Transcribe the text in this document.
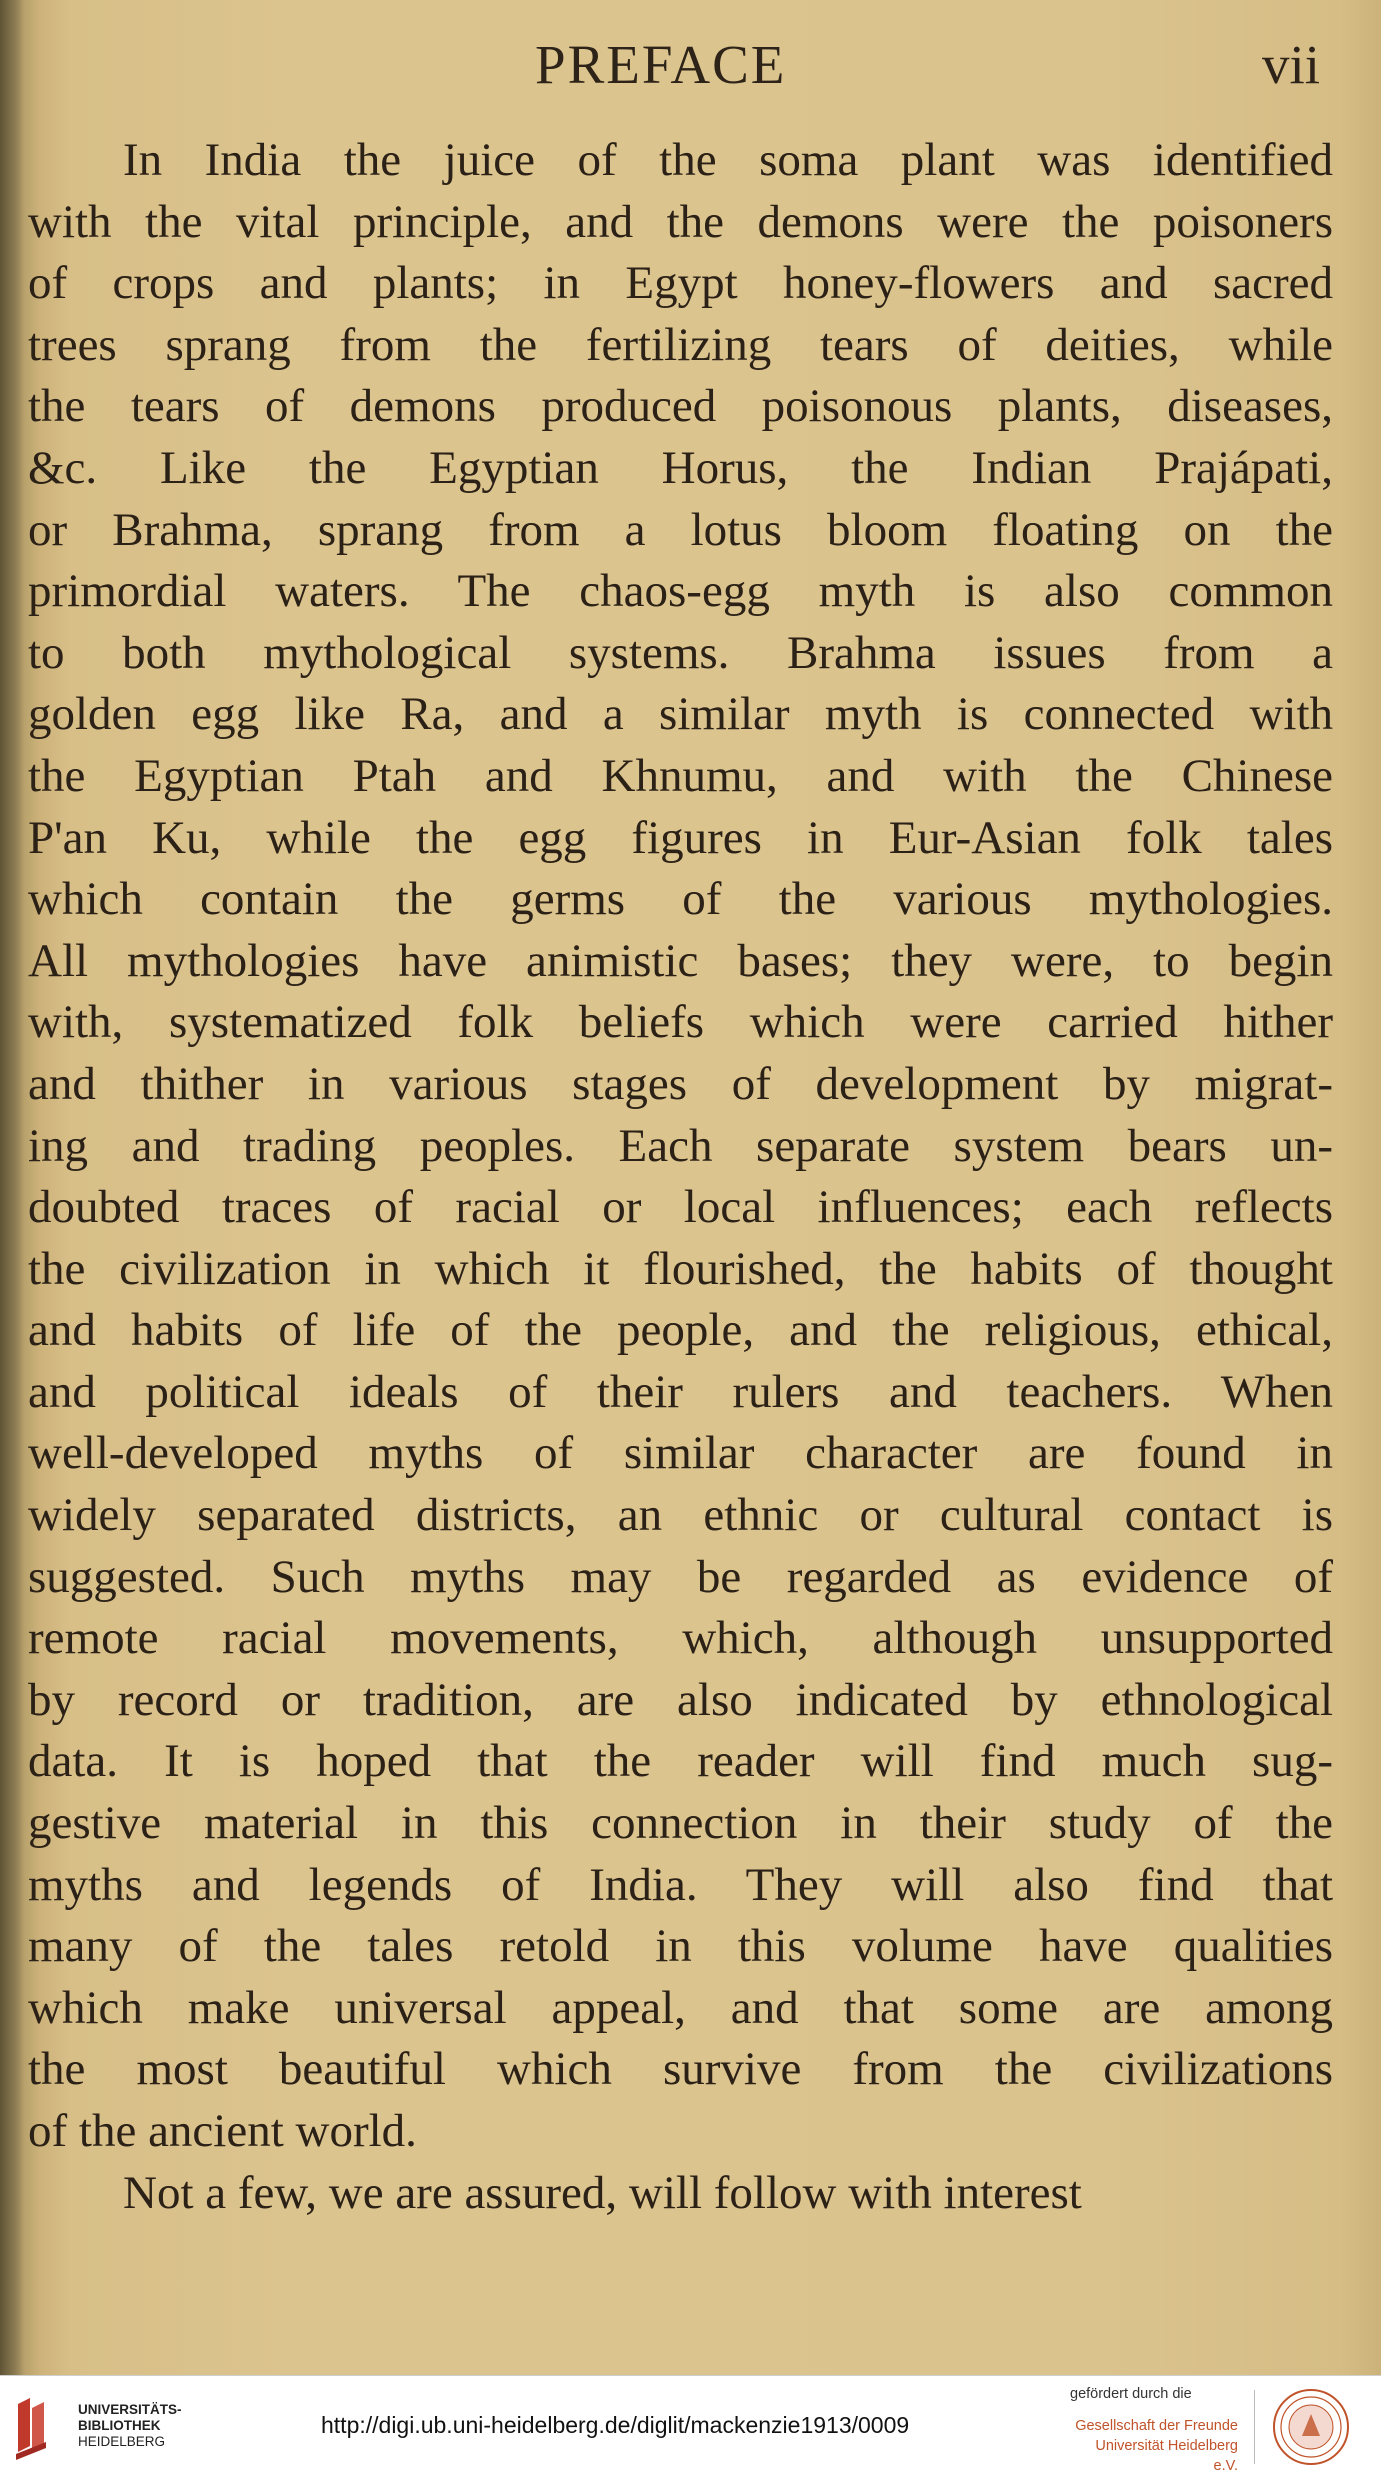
PREFACE	vii
In India the juice of the soma plant was identified
with the vital principle, and the demons were the poisoners
of crops and plants; in Egypt honey-flowers and sacred
trees sprang from the fertilizing tears of deities, while
the tears of demons produced poisonous plants, diseases,
&c. Like the Egyptian Horus, the Indian Prajápati,
or Brahma, sprang from a lotus bloom floating on the
primordial waters. The chaos-egg myth is also common
to both mythological systems. Brahma issues from a
golden egg like Ra, and a similar myth is connected with
the Egyptian Ptah and Khnumu, and with the Chinese
P'an Ku, while the egg figures in Eur-Asian folk tales
which contain the germs of the various mythologies.
All mythologies have animistic bases; they were, to begin
with, systematized folk beliefs which were carried hither
and thither in various stages of development by migrat-
ing and trading peoples. Each separate system bears un-
doubted traces of racial or local influences; each reflects
the civilization in which it flourished, the habits of thought
and habits of life of the people, and the religious, ethical,
and political ideals of their rulers and teachers. When
well-developed myths of similar character are found in
widely separated districts, an ethnic or cultural contact is
suggested. Such myths may be regarded as evidence of
remote racial movements, which, although unsupported
by record or tradition, are also indicated by ethnological
data. It is hoped that the reader will find much sug-
gestive material in this connection in their study of the
myths and legends of India. They will also find that
many of the tales retold in this volume have qualities
which make universal appeal, and that some are among
the most beautiful which survive from the civilizations
of the ancient world.
Not a few, we are assured, will follow with interest
UNIVERSITÄTS-
BIBLIOTHEK
HEIDELBERG
http://digi.ub.uni-heidelberg.de/diglit/mackenzie1913/0009
gefördert durch die
Gesellschaft der Freunde
Universität Heidelberg e.V.
